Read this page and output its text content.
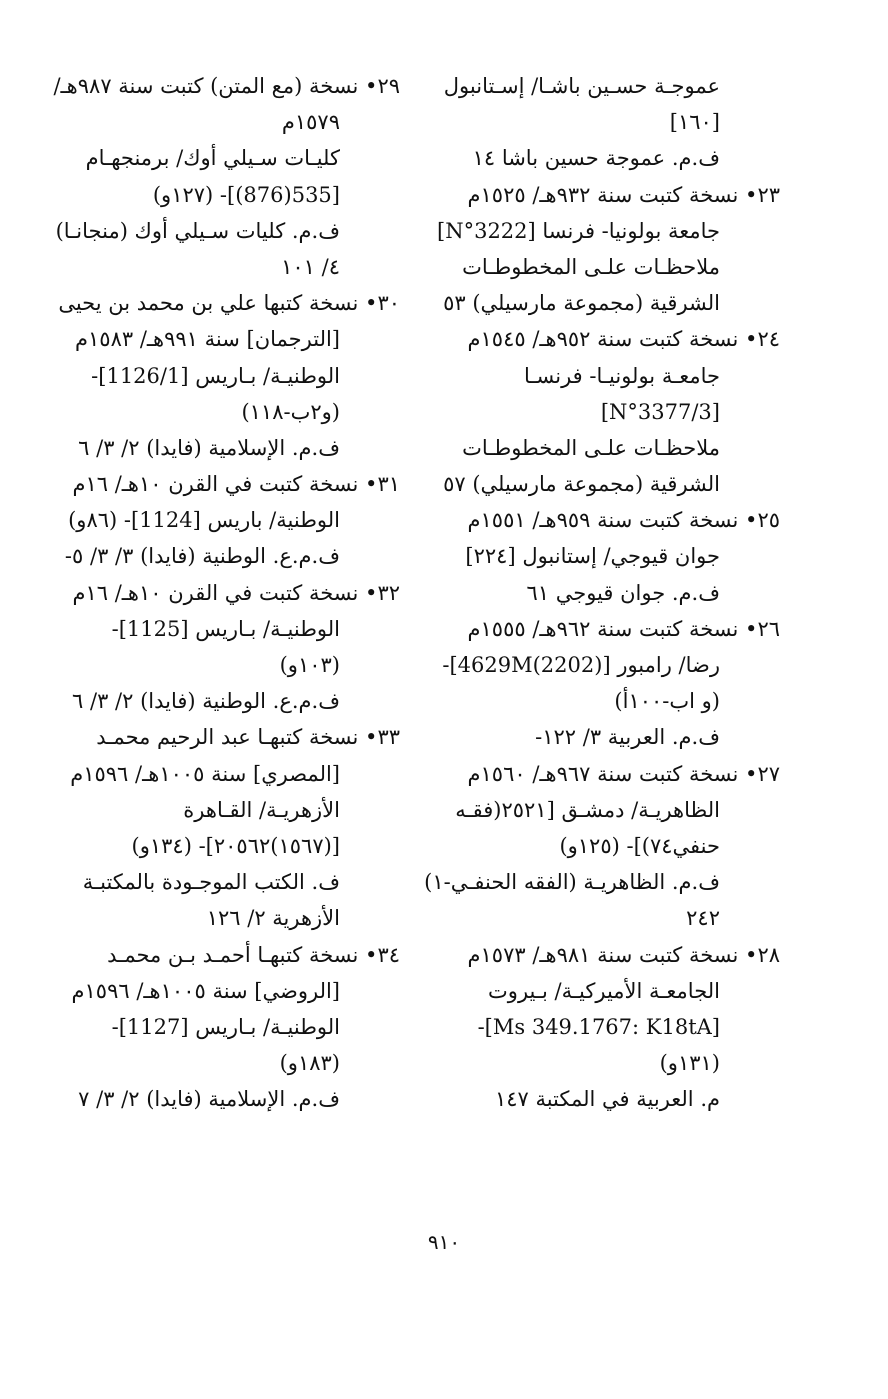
عموجـة حسـين باشـا/ إسـتانبول
[١٦٠]
ف.م. عموجة حسين باشا ١٤
٢٣• نسخة كتبت سنة ٩٣٢هـ/ ١٥٢٥م
جامعة بولونيا- فرنسا [N°3222]
ملاحظـات علـى المخطوطـات
الشرقية (مجموعة مارسيلي) ٥٣
٢٤• نسخة كتبت سنة ٩٥٢هـ/ ١٥٤٥م
جامعـة بولونيـا- فرنسـا
[N°3377/3]
ملاحظـات علـى المخطوطـات
الشرقية (مجموعة مارسيلي) ٥٧
٢٥• نسخة كتبت سنة ٩٥٩هـ/ ١٥٥١م
جوان قيوجي/ إستانبول [٢٢٤]
ف.م. جوان قيوجي ٦١
٢٦• نسخة كتبت سنة ٩٦٢هـ/ ١٥٥٥م
رضا/ رامبور [4629M(2202)]-
(و اب-١٠٠أ)
ف.م. العربية ٣/ ١٢٢-
٢٧• نسخة كتبت سنة ٩٦٧هـ/ ١٥٦٠م
الظاهريـة/ دمشـق [٢٥٢١(فقـه
حنفي٧٤)]- (١٢٥و)
ف.م. الظاهريـة (الفقه الحنفـي-١)
٢٤٢
٢٨• نسخة كتبت سنة ٩٨١هـ/ ١٥٧٣م
الجامعـة الأميركيـة/ بـيروت
[Ms 349.1767: K18tA]-
(١٣١و)
م. العربية في المكتبة ١٤٧
٢٩• نسخة (مع المتن) كتبت سنة ٩٨٧هـ/
١٥٧٩م
كليـات سـيلي أوك/ برمنجهـام
[535(876)]- (١٢٧و)
ف.م. كليات سـيلي أوك (منجانـا)
٤/ ١٠١
٣٠• نسخة كتبها علي بن محمد بن يحيى
[الترجمان] سنة ٩٩١هـ/ ١٥٨٣م
الوطنيـة/ بـاريس [1126/1]-
(و٢ب-١١٨)
ف.م. الإسلامية (فايدا) ٢/ ٣/ ٦
٣١• نسخة كتبت في القرن ١٠هـ/ ١٦م
الوطنية/ باريس [1124]- (٨٦و)
ف.م.ع. الوطنية (فايدا) ٣/ ٣/ ٥-
٣٢• نسخة كتبت في القرن ١٠هـ/ ١٦م
الوطنيـة/ بـاريس [1125]-
(١٠٣و)
ف.م.ع. الوطنية (فايدا) ٢/ ٣/ ٦
٣٣• نسخة كتبهـا عبد الرحيم محمـد
[المصري] سنة ١٠٠٥هـ/ ١٥٩٦م
الأزهريـة/ القـاهرة
[(١٥٦٧)٢٠٥٦٢]- (١٣٤و)
ف. الكتب الموجـودة بالمكتبـة
الأزهرية ٢/ ١٢٦
٣٤• نسخة كتبهـا أحمـد بـن محمـد
[الروضي] سنة ١٠٠٥هـ/ ١٥٩٦م
الوطنيـة/ بـاريس [1127]-
(١٨٣و)
ف.م. الإسلامية (فايدا) ٢/ ٣/ ٧
٩١٠
